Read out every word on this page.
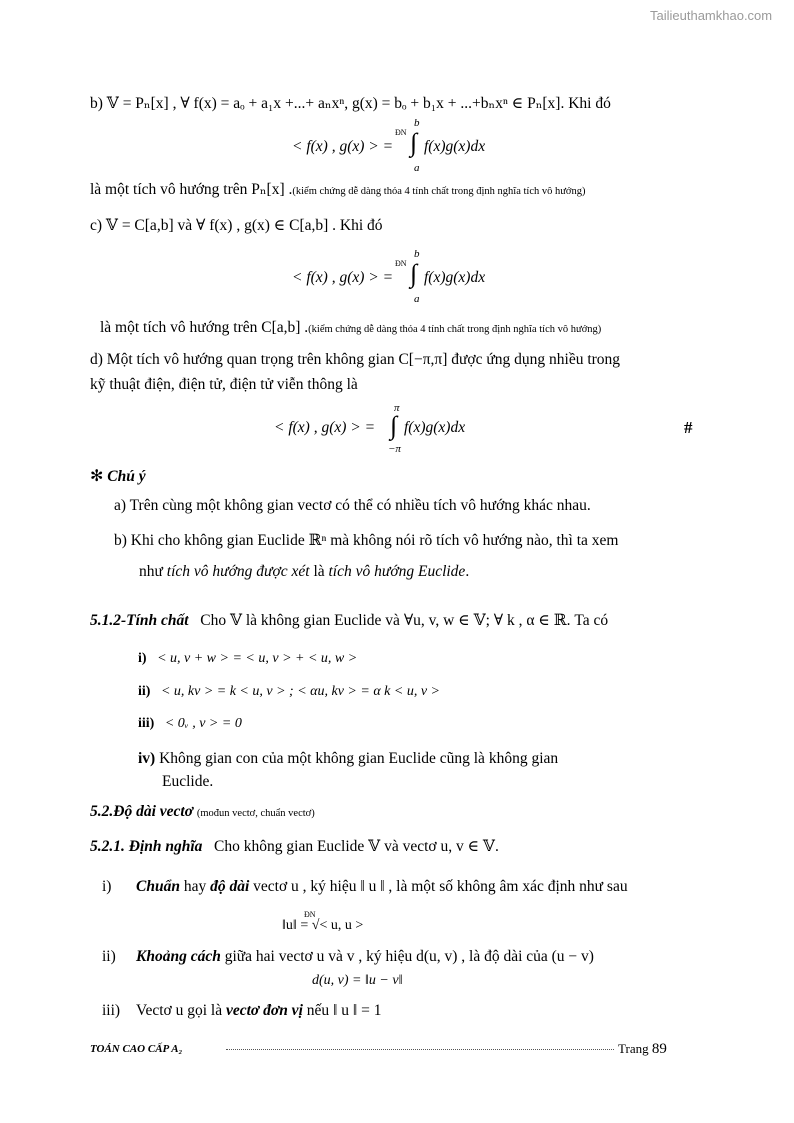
Tailieuthamkhao.com
b) 𝕍 = Pₙ[x] , ∀ f(x) = aₒ + a₁x +...+ aₙxⁿ, g(x) = bₒ + b₁x + ...+bₙxⁿ ∈ Pₙ[x]. Khi đó
< f(x) , g(x) > =
ĐN
b
∫
a
f(x)g(x)dx
là một tích vô hướng trên Pₙ[x] .(kiểm chứng dễ dàng thỏa 4 tính chất trong định nghĩa tích vô hướng)
c) 𝕍 = C[a,b] và ∀ f(x) , g(x) ∈ C[a,b] . Khi đó
< f(x) , g(x) > =
ĐN
b
∫
a
f(x)g(x)dx
là một tích vô hướng trên C[a,b] .(kiểm chứng dễ dàng thỏa 4 tính chất trong định nghĩa tích vô hướng)
d) Một tích vô hướng quan trọng trên không gian C[−π,π] được ứng dụng nhiều trong
kỹ thuật điện, điện tử, điện tử viễn thông là
< f(x) , g(x) > =
π
∫
−π
f(x)g(x)dx	#
✻ Chú ý
a) Trên cùng một không gian vectơ có thể có nhiều tích vô hướng khác nhau.
b) Khi cho không gian Euclide ℝⁿ mà không nói rõ tích vô hướng nào, thì ta xem
như tích vô hướng được xét là tích vô hướng Euclide.
5.1.2-Tính chất Cho 𝕍 là không gian Euclide và ∀u, v, w ∈ 𝕍; ∀ k , α ∈ ℝ. Ta có
i) < u, v + w > = < u, v > + < u, w >
ii) < u, kv > = k < u, v > ; < αu, kv > = α k < u, v >
iii) < 0ᵥ , v > = 0
iv) Không gian con của một không gian Euclide cũng là không gian
Euclide.
5.2.Độ dài vectơ (mođun vectơ, chuẩn vectơ)
5.2.1. Định nghĩa Cho không gian Euclide 𝕍 và vectơ u, v ∈ 𝕍.
i) Chuẩn hay độ dài vectơ u , ký hiệu ‖ u ‖ , là một số không âm xác định như sau
ĐN
‖u‖ = √< u, u >
ii) Khoảng cách giữa hai vectơ u và v , ký hiệu d(u, v) , là độ dài của (u − v)
d(u, v) = ‖u − v‖
iii) Vectơ u gọi là vectơ đơn vị nếu ‖ u ‖ = 1
TOÁN CAO CẤP A₂	Trang 89
